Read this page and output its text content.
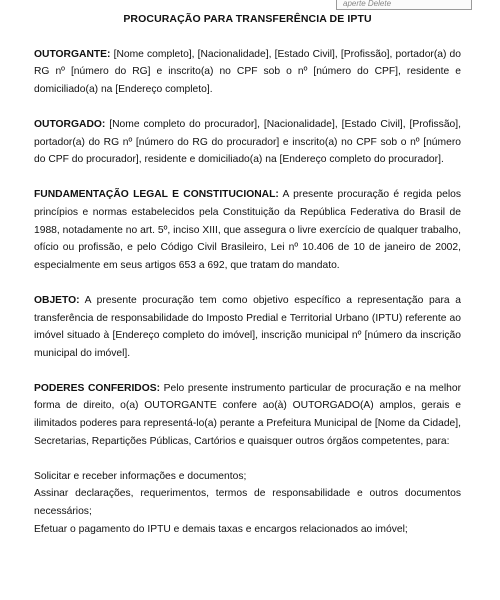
aperte Delete
PROCURAÇÃO PARA TRANSFERÊNCIA DE IPTU
OUTORGANTE: [Nome completo], [Nacionalidade], [Estado Civil], [Profissão], portador(a) do RG nº [número do RG] e inscrito(a) no CPF sob o nº [número do CPF], residente e domiciliado(a) na [Endereço completo].
OUTORGADO: [Nome completo do procurador], [Nacionalidade], [Estado Civil], [Profissão], portador(a) do RG nº [número do RG do procurador] e inscrito(a) no CPF sob o nº [número do CPF do procurador], residente e domiciliado(a) na [Endereço completo do procurador].
FUNDAMENTAÇÃO LEGAL E CONSTITUCIONAL: A presente procuração é regida pelos princípios e normas estabelecidos pela Constituição da República Federativa do Brasil de 1988, notadamente no art. 5º, inciso XIII, que assegura o livre exercício de qualquer trabalho, ofício ou profissão, e pelo Código Civil Brasileiro, Lei nº 10.406 de 10 de janeiro de 2002, especialmente em seus artigos 653 a 692, que tratam do mandato.
OBJETO: A presente procuração tem como objetivo específico a representação para a transferência de responsabilidade do Imposto Predial e Territorial Urbano (IPTU) referente ao imóvel situado à [Endereço completo do imóvel], inscrição municipal nº [número da inscrição municipal do imóvel].
PODERES CONFERIDOS: Pelo presente instrumento particular de procuração e na melhor forma de direito, o(a) OUTORGANTE confere ao(à) OUTORGADO(A) amplos, gerais e ilimitados poderes para representá-lo(a) perante a Prefeitura Municipal de [Nome da Cidade], Secretarias, Repartições Públicas, Cartórios e quaisquer outros órgãos competentes, para:
Solicitar e receber informações e documentos;
Assinar declarações, requerimentos, termos de responsabilidade e outros documentos necessários;
Efetuar o pagamento do IPTU e demais taxas e encargos relacionados ao imóvel;
